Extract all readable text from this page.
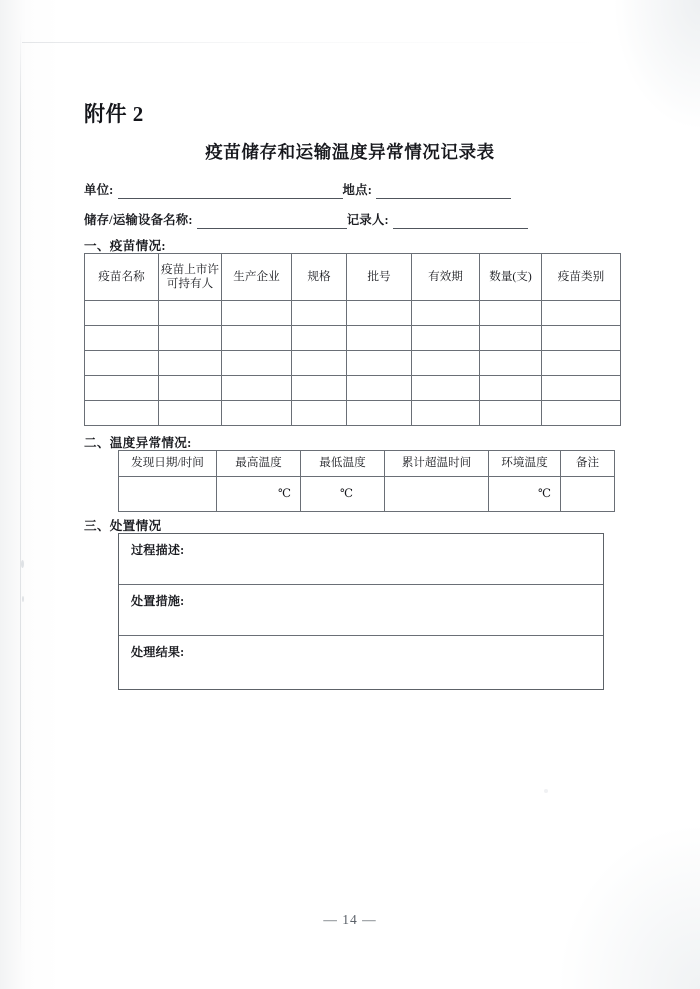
附件 2
疫苗储存和运输温度异常情况记录表
单位:	地点:
储存/运输设备名称:	记录人:
一、疫苗情况:
疫苗名称	疫苗上市许可持有人	生产企业	规格	批号	有效期	数量(支)	疫苗类别

二、温度异常情况:
发现日期/时间	最高温度	最低温度	累计超温时间	环境温度	备注
	℃	℃		℃	
三、处置情况
过程描述:
处置措施:
处理结果:
— 14 —
